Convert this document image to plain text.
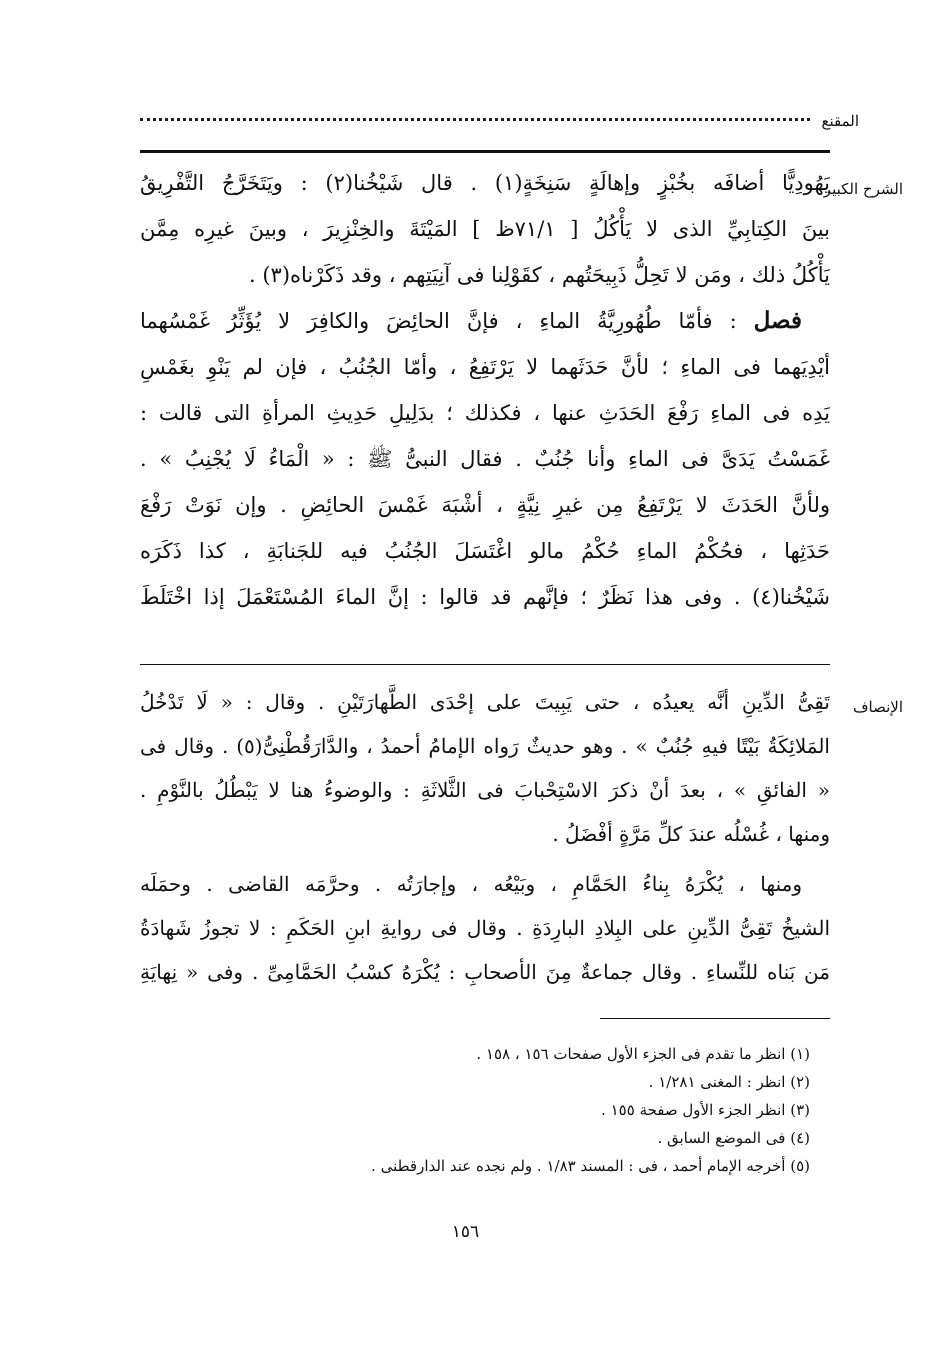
المقنع
الشرح الكبير
يَهُودِيًّا أضافَه بخُبْزٍ وإهالَةٍ سَنِخَةٍ(١) . قال شَيْخُنا(٢) : ويَتَخَرَّجُ التَّفْرِيقُ
بينَ الكِتابِيِّ الذى لا يَأْكُلُ [ ٧١/١ظ ] المَيْتَةَ والخِنْزِيرَ ، وبينَ غيرِه مِمَّن
يَأْكُلُ ذلك ، ومَن لا تَحِلُّ ذَبِيحَتُهم ، كقَوْلِنا فى آنِيَتِهم ، وقد ذَكَرْناه(٣) .
فصل : فأمّا طُهُورِيَّةُ الماءِ ، فإنَّ الحائِضَ والكافِرَ لا يُؤَثِّرُ غَمْسُهما
أيْدِيَهما فى الماءِ ؛ لأنَّ حَدَثَهما لا يَرْتَفِعُ ، وأمّا الجُنُبُ ، فإن لم يَنْوِ بغَمْسِ
يَدِه فى الماءِ رَفْعَ الحَدَثِ عنها ، فكذلك ؛ بدَلِيلِ حَدِيثِ المرأةِ التى قالت :
غَمَسْتُ يَدَىَّ فى الماءِ وأنا جُنُبٌ . فقال النبىُّ ﷺ : « الْمَاءُ لَا يُجْنِبُ » .
ولأنَّ الحَدَثَ لا يَرْتَفِعُ مِن غيرِ نِيَّةٍ ، أشْبَهَ غَمْسَ الحائِضِ . وإن نَوَتْ رَفْعَ
حَدَثِها ، فحُكْمُ الماءِ حُكْمُ مالو اغْتَسَلَ الجُنُبُ فيه للجَنابَةِ ، كذا ذَكَرَه
شَيْخُنا(٤) . وفى هذا نَظَرٌ ؛ فإنَّهم قد قالوا : إنَّ الماءَ المُسْتَعْمَلَ إذا اخْتَلَطَ
الإنصاف
تَقِىُّ الدِّينِ أنَّه يعيدُه ، حتى يَبِيتَ على إحْدَى الطَّهارَتَيْنِ . وقال : « لَا تَدْخُلُ
المَلائِكَةُ بَيْتًا فيهِ جُنُبٌ » . وهو حديثٌ رَواه الإمامُ أحمدُ ، والدَّارَقُطْنِىُّ(٥) . وقال فى
« الفائقِ » ، بعدَ أنْ ذكرَ الاسْتِحْبابَ فى الثَّلاثَةِ : والوضوءُ هنا لا يَبْطُلُ بالنَّوْمِ .
ومنها ، غُسْلُه عندَ كلِّ مَرَّةٍ أفْضَلُ .
ومنها ، يُكْرَهُ بِناءُ الحَمَّامِ ، وبَيْعُه ، وإجارَتُه . وحرَّمَه القاضى . وحمَلَه
الشيخُ تَقِىُّ الدِّينِ على البِلادِ البارِدَةِ . وقال فى روايةِ ابنِ الحَكَمِ : لا تجوزُ شَهادَةُ
مَن بَناه للنِّساءِ . وقال جماعةٌ مِنَ الأصحابِ : يُكْرَهُ كسْبُ الحَمَّامِىِّ . وفى « نِهايَةِ
(١) انظر ما تقدم فى الجزء الأول صفحات ١٥٦ ، ١٥٨ .
(٢) انظر : المغنى ١/٢٨١ .
(٣) انظر الجزء الأول صفحة ١٥٥ .
(٤) فى الموضع السابق .
(٥) أخرجه الإمام أحمد ، فى : المسند ١/٨٣ . ولم نجده عند الدارقطنى .
١٥٦
